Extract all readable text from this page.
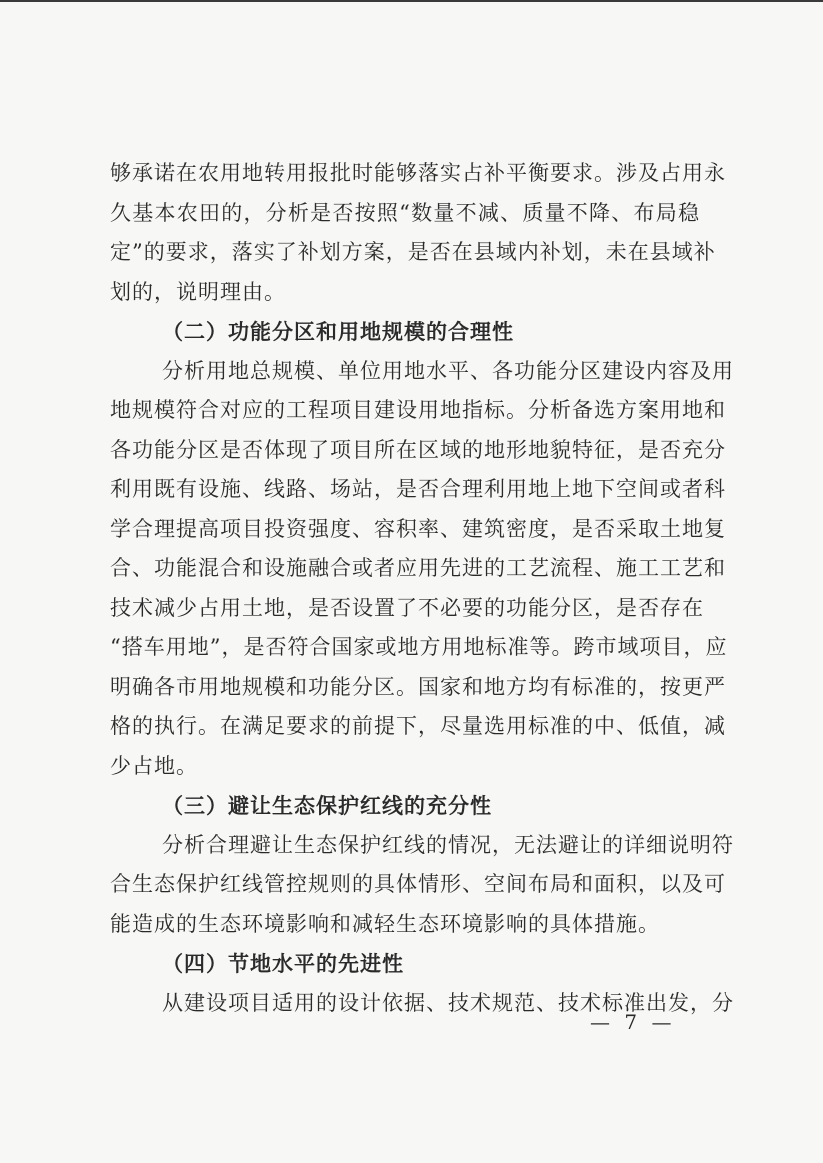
够承诺在农用地转用报批时能够落实占补平衡要求。涉及占用永
久基本农田的，分析是否按照“数量不减、质量不降、布局稳
定”的要求，落实了补划方案，是否在县域内补划，未在县域补
划的，说明理由。
（二）功能分区和用地规模的合理性
分析用地总规模、单位用地水平、各功能分区建设内容及用
地规模符合对应的工程项目建设用地指标。分析备选方案用地和
各功能分区是否体现了项目所在区域的地形地貌特征，是否充分
利用既有设施、线路、场站，是否合理利用地上地下空间或者科
学合理提高项目投资强度、容积率、建筑密度，是否采取土地复
合、功能混合和设施融合或者应用先进的工艺流程、施工工艺和
技术减少占用土地，是否设置了不必要的功能分区，是否存在
“搭车用地”，是否符合国家或地方用地标准等。跨市域项目，应
明确各市用地规模和功能分区。国家和地方均有标准的，按更严
格的执行。在满足要求的前提下，尽量选用标准的中、低值，减
少占地。
（三）避让生态保护红线的充分性
分析合理避让生态保护红线的情况，无法避让的详细说明符
合生态保护红线管控规则的具体情形、空间布局和面积，以及可
能造成的生态环境影响和减轻生态环境影响的具体措施。
（四）节地水平的先进性
从建设项目适用的设计依据、技术规范、技术标准出发，分
— 7 —
